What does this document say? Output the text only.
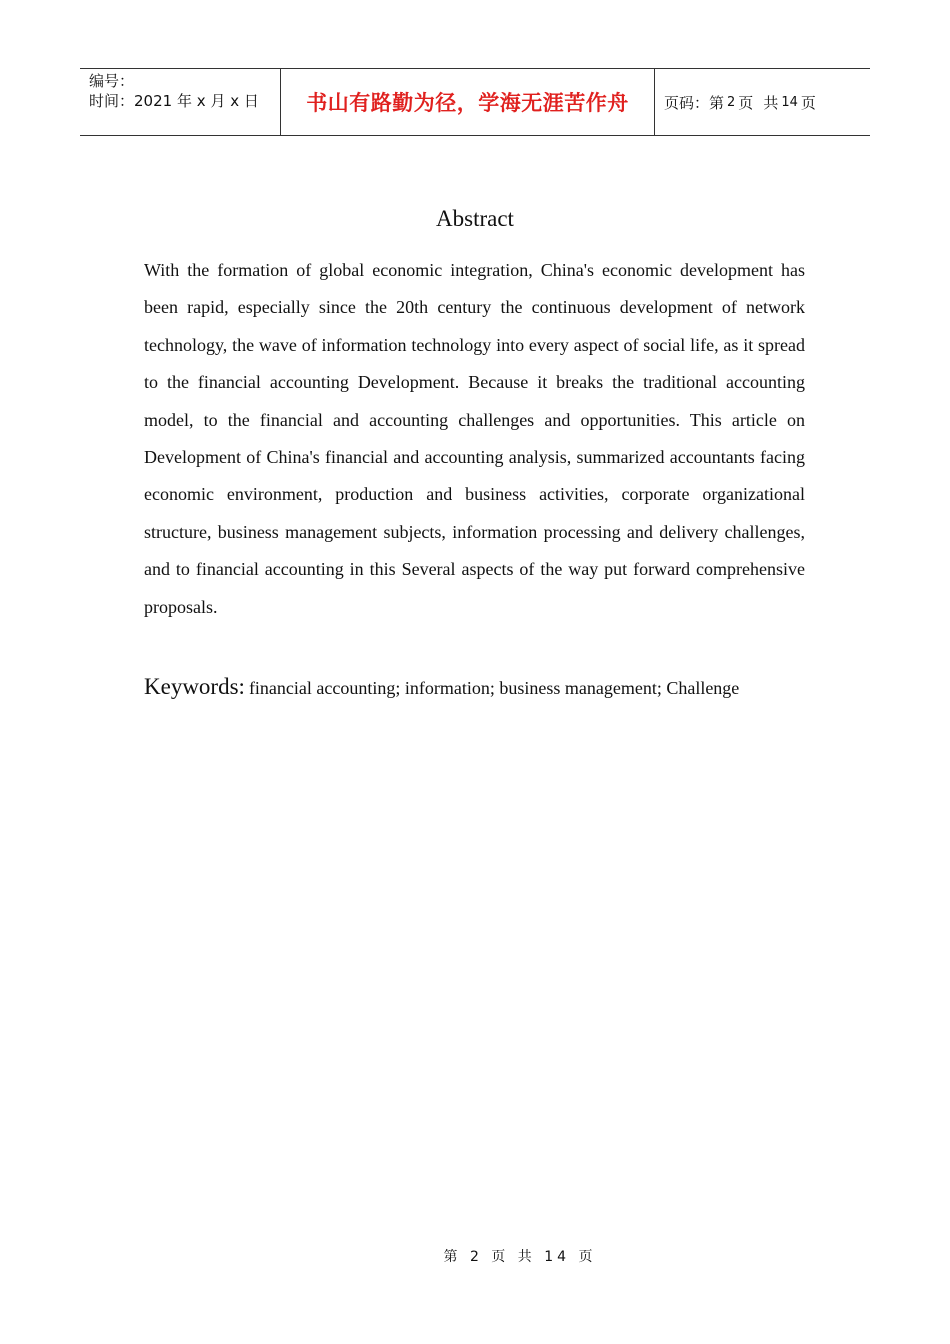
编号：
时间：2021 年 x 月 x 日	书山有路勤为径，学海无涯苦作舟	页码：第 2 页 共 14 页
Abstract

With the formation of global economic integration, China's economic development has been rapid, especially since the 20th century the continuous development of network technology, the wave of information technology into every aspect of social life, as it spread to the financial accounting Development. Because it breaks the traditional accounting model, to the financial and accounting challenges and opportunities. This article on Development of China's financial and accounting analysis, summarized accountants facing economic environment, production and business activities, corporate organizational structure, business management subjects, information processing and delivery challenges, and to financial accounting in this Several aspects of the way put forward comprehensive proposals.

Keywords: financial accounting; information; business management; Challenge
第 2 页 共 14 页
